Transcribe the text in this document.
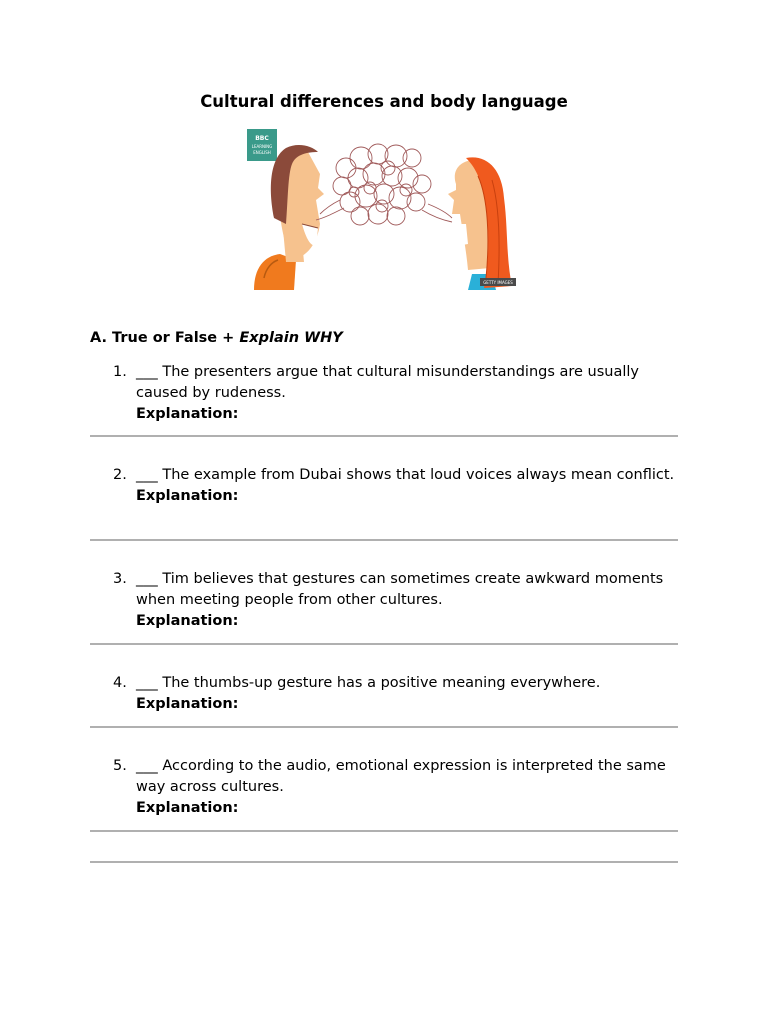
Cultural differences and body language
BBC
LEARNING
ENGLISH
GETTY IMAGES
A. True or False + Explain WHY
1. ___ The presenters argue that cultural misunderstandings are usually caused by rudeness.
Explanation:
2. ___ The example from Dubai shows that loud voices always mean conflict.
Explanation:
3. ___ Tim believes that gestures can sometimes create awkward moments when meeting people from other cultures.
Explanation:
4. ___ The thumbs-up gesture has a positive meaning everywhere.
Explanation:
5. ___ According to the audio, emotional expression is interpreted the same way across cultures.
Explanation:
